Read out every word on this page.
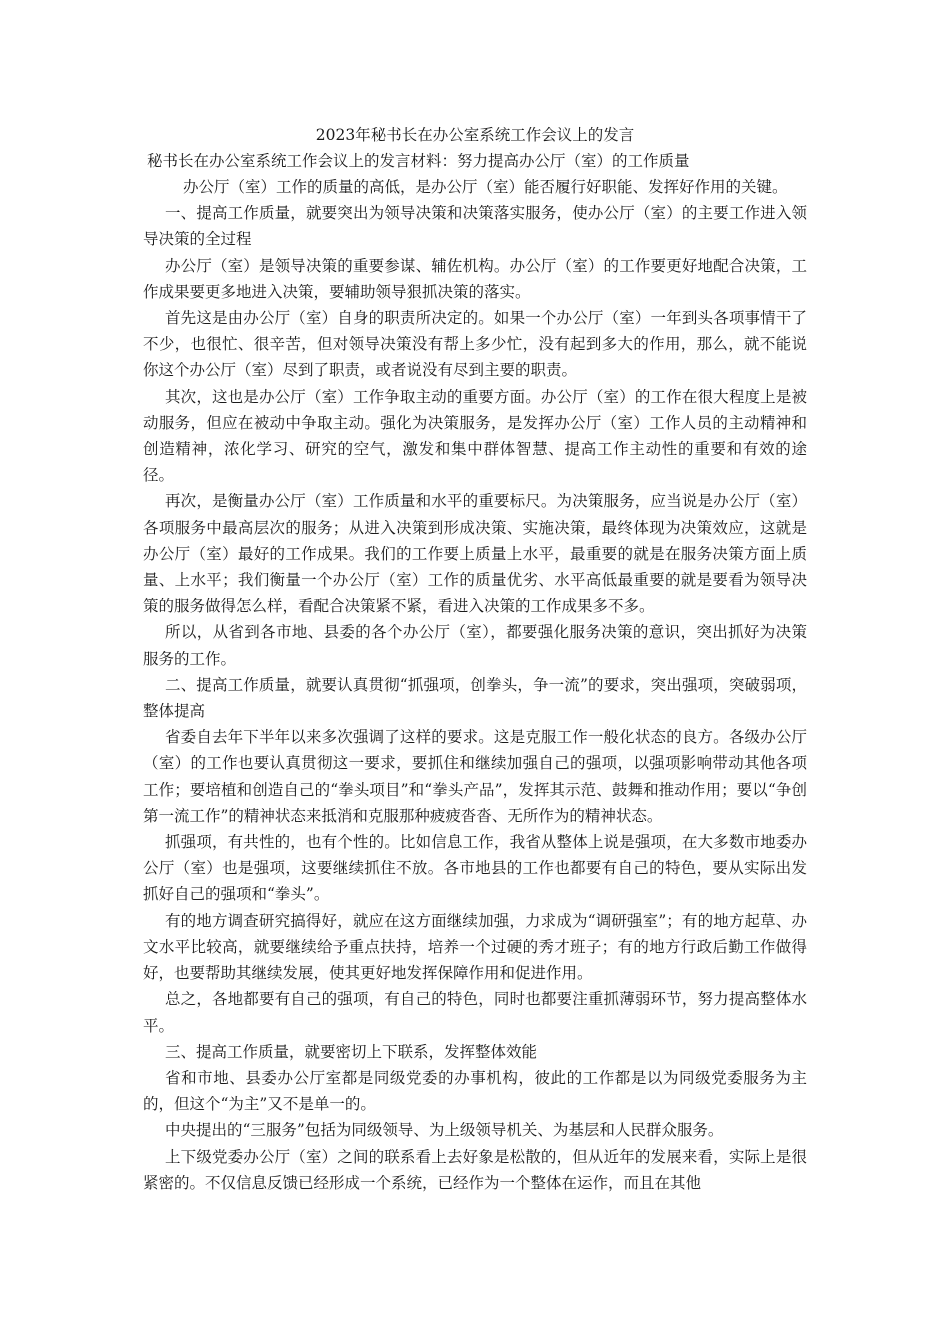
2023年秘书长在办公室系统工作会议上的发言

秘书长在办公室系统工作会议上的发言材料：努力提高办公厅（室）的工作质量

办公厅（室）工作的质量的高低，是办公厅（室）能否履行好职能、发挥好作用的关键。

一、提高工作质量，就要突出为领导决策和决策落实服务，使办公厅（室）的主要工作进入领导决策的全过程

办公厅（室）是领导决策的重要参谋、辅佐机构。办公厅（室）的工作要更好地配合决策，工作成果要更多地进入决策，要辅助领导狠抓决策的落实。

首先这是由办公厅（室）自身的职责所决定的。如果一个办公厅（室）一年到头各项事情干了不少，也很忙、很辛苦，但对领导决策没有帮上多少忙，没有起到多大的作用，那么，就不能说你这个办公厅（室）尽到了职责，或者说没有尽到主要的职责。

其次，这也是办公厅（室）工作争取主动的重要方面。办公厅（室）的工作在很大程度上是被动服务，但应在被动中争取主动。强化为决策服务，是发挥办公厅（室）工作人员的主动精神和创造精神，浓化学习、研究的空气，激发和集中群体智慧、提高工作主动性的重要和有效的途径。

再次，是衡量办公厅（室）工作质量和水平的重要标尺。为决策服务，应当说是办公厅（室）各项服务中最高层次的服务；从进入决策到形成决策、实施决策，最终体现为决策效应，这就是办公厅（室）最好的工作成果。我们的工作要上质量上水平，最重要的就是在服务决策方面上质量、上水平；我们衡量一个办公厅（室）工作的质量优劣、水平高低最重要的就是要看为领导决策的服务做得怎么样，看配合决策紧不紧，看进入决策的工作成果多不多。

所以，从省到各市地、县委的各个办公厅（室），都要强化服务决策的意识，突出抓好为决策服务的工作。

二、提高工作质量，就要认真贯彻“抓强项，创拳头，争一流”的要求，突出强项，突破弱项，整体提高

省委自去年下半年以来多次强调了这样的要求。这是克服工作一般化状态的良方。各级办公厅（室）的工作也要认真贯彻这一要求，要抓住和继续加强自己的强项，以强项影响带动其他各项工作；要培植和创造自己的“拳头项目”和“拳头产品”，发挥其示范、鼓舞和推动作用；要以“争创第一流工作”的精神状态来抵消和克服那种疲疲沓沓、无所作为的精神状态。

抓强项，有共性的，也有个性的。比如信息工作，我省从整体上说是强项，在大多数市地委办公厅（室）也是强项，这要继续抓住不放。各市地县的工作也都要有自己的特色，要从实际出发抓好自己的强项和“拳头”。

有的地方调查研究搞得好，就应在这方面继续加强，力求成为“调研强室”；有的地方起草、办文水平比较高，就要继续给予重点扶持，培养一个过硬的秀才班子；有的地方行政后勤工作做得好，也要帮助其继续发展，使其更好地发挥保障作用和促进作用。

总之，各地都要有自己的强项，有自己的特色，同时也都要注重抓薄弱环节，努力提高整体水平。

三、提高工作质量，就要密切上下联系，发挥整体效能

省和市地、县委办公厅室都是同级党委的办事机构，彼此的工作都是以为同级党委服务为主的，但这个“为主”又不是单一的。

中央提出的“三服务”包括为同级领导、为上级领导机关、为基层和人民群众服务。

上下级党委办公厅（室）之间的联系看上去好象是松散的，但从近年的发展来看，实际上是很紧密的。不仅信息反馈已经形成一个系统，已经作为一个整体在运作，而且在其他
